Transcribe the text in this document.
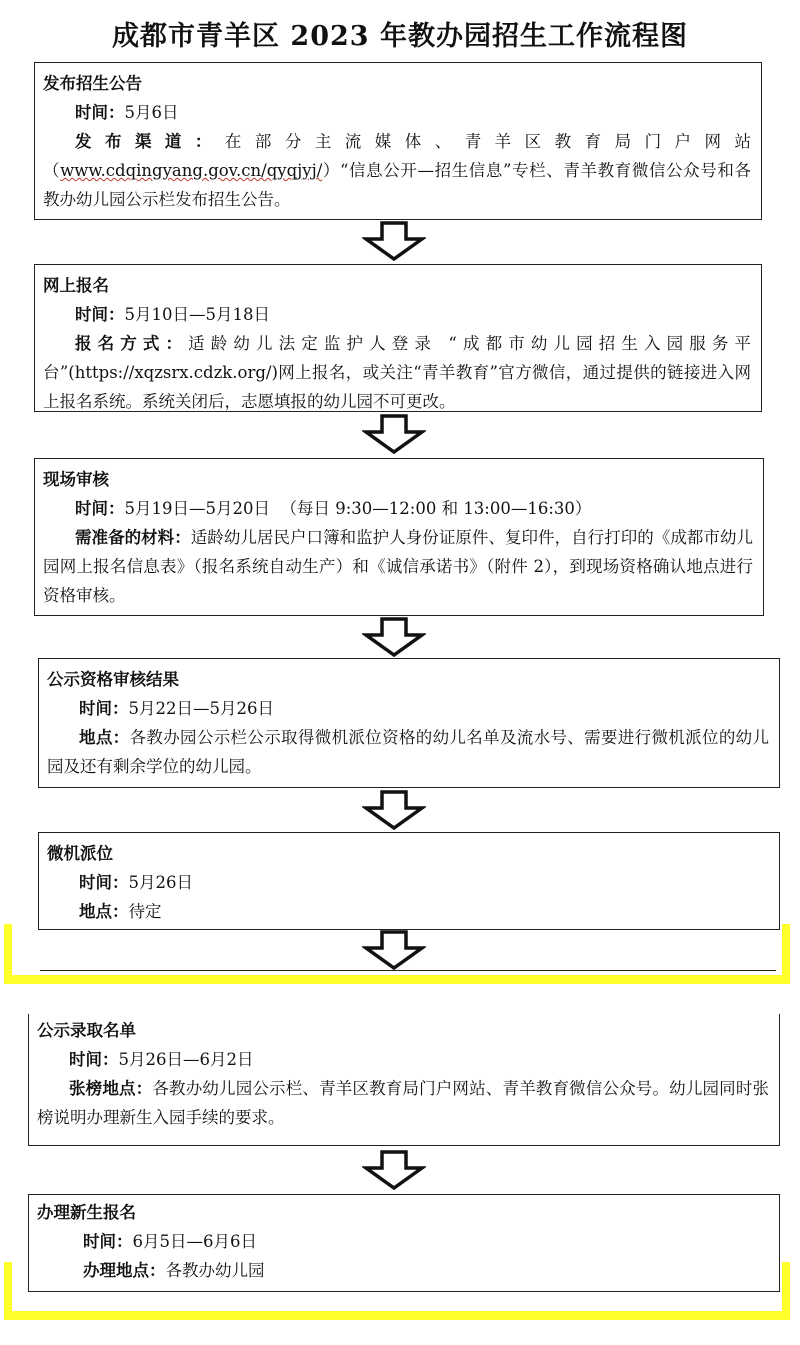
成都市青羊区 2023 年教办园招生工作流程图
发布招生公告
时间：5月6日
发布渠道：在部分主流媒体、青羊区教育局门户网站（www.cdqingyang.gov.cn/qyqjyj/）“信息公开—招生信息”专栏、青羊教育微信公众号和各教办幼儿园公示栏发布招生公告。
网上报名
时间：5月10日—5月18日
报名方式：适龄幼儿法定监护人登录 “成都市幼儿园招生入园服务平台”(https://xqzsrx.cdzk.org/)网上报名，或关注“青羊教育”官方微信，通过提供的链接进入网上报名系统。系统关闭后，志愿填报的幼儿园不可更改。
现场审核
时间：5月19日—5月20日  （每日 9:30—12:00 和 13:00—16:30）
需准备的材料：适龄幼儿居民户口簿和监护人身份证原件、复印件，自行打印的《成都市幼儿园网上报名信息表》（报名系统自动生产）和《诚信承诺书》（附件 2），到现场资格确认地点进行资格审核。
公示资格审核结果
时间：5月22日—5月26日
地点：各教办园公示栏公示取得微机派位资格的幼儿名单及流水号、需要进行微机派位的幼儿园及还有剩余学位的幼儿园。
微机派位
时间：5月26日
地点：待定
公示录取名单
时间：5月26日—6月2日
张榜地点：各教办幼儿园公示栏、青羊区教育局门户网站、青羊教育微信公众号。幼儿园同时张榜说明办理新生入园手续的要求。
办理新生报名
时间：6月5日—6月6日
办理地点：各教办幼儿园
